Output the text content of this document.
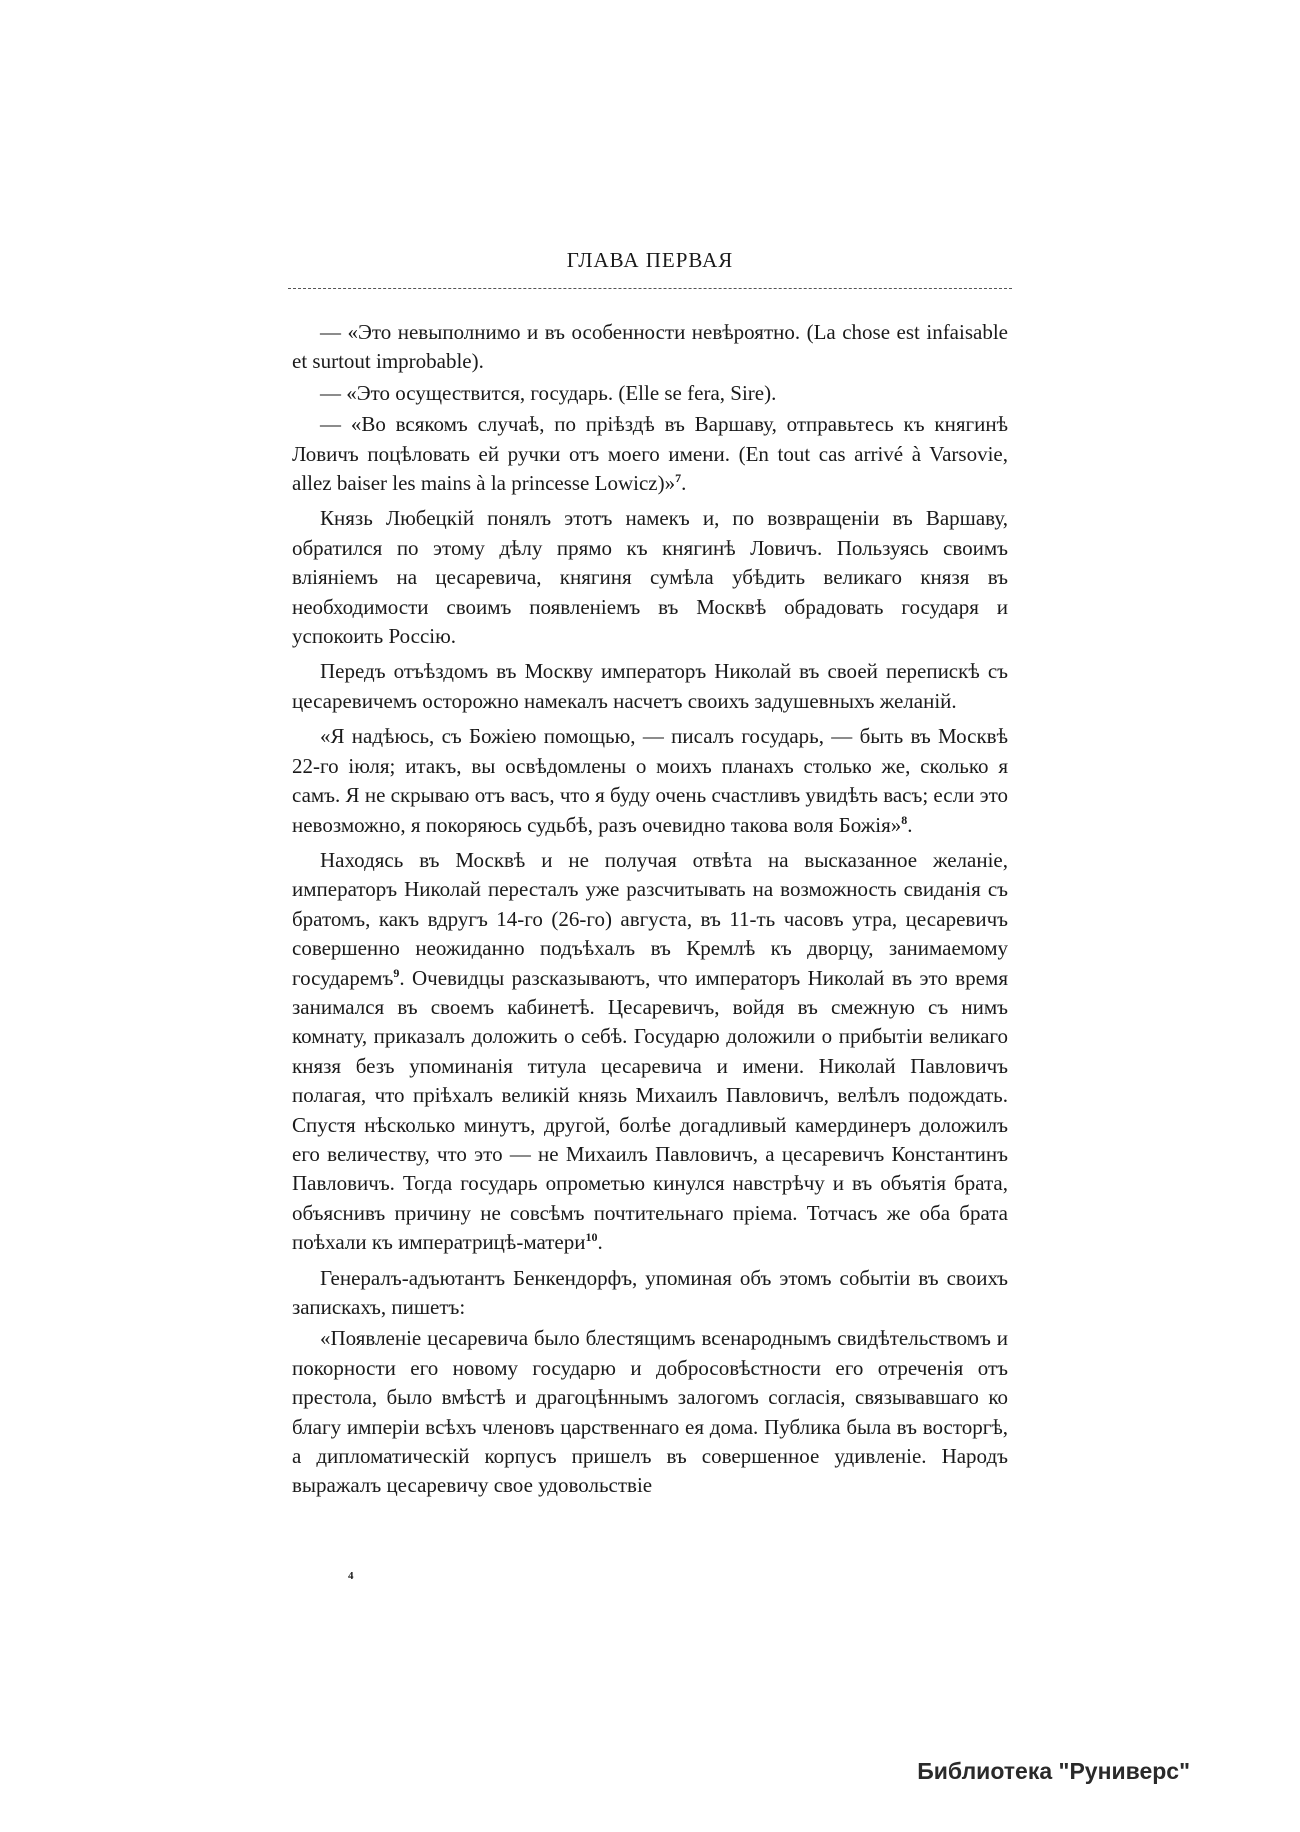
ГЛАВА ПЕРВАЯ

— «Это невыполнимо и въ особенности невѣроятно. (La chose est infaisable et surtout improbable).

— «Это осуществится, государь. (Elle se fera, Sire).

— «Во всякомъ случаѣ, по пріѣздѣ въ Варшаву, отправьтесь къ княгинѣ Ловичъ поцѣловать ей ручки отъ моего имени. (En tout cas arrivé à Varsovie, allez baiser les mains à la princesse Lowicz)»$^7$.

Князь Любецкій понялъ этотъ намекъ и, по возвращеніи въ Варшаву, обратился по этому дѣлу прямо къ княгинѣ Ловичъ. Пользуясь своимъ вліяніемъ на цесаревича, княгиня сумѣла убѣдить великаго князя въ необходимости своимъ появленіемъ въ Москвѣ обрадовать государя и успокоить Россію.

Передъ отъѣздомъ въ Москву императоръ Николай въ своей перепискѣ съ цесаревичемъ осторожно намекалъ насчетъ своихъ задушевныхъ желаній.

«Я надѣюсь, съ Божіею помощью, — писалъ государь, — быть въ Москвѣ 22-го іюля; итакъ, вы освѣдомлены о моихъ планахъ столько же, сколько я самъ. Я не скрываю отъ васъ, что я буду очень счастливъ увидѣть васъ; если это невозможно, я покоряюсь судьбѣ, разъ очевидно такова воля Божія»$^8$.

Находясь въ Москвѣ и не получая отвѣта на высказанное желаніе, императоръ Николай пересталъ уже разсчитывать на возможность свиданія съ братомъ, какъ вдругъ 14-го (26-го) августа, въ 11-ть часовъ утра, цесаревичъ совершенно неожиданно подъѣхалъ въ Кремлѣ къ дворцу, занимаемому государемъ$^9$. Очевидцы разсказываютъ, что императоръ Николай въ это время занимался въ своемъ кабинетѣ. Цесаревичъ, войдя въ смежную съ нимъ комнату, приказалъ доложить о себѣ. Государю доложили о прибытіи великаго князя безъ упоминанія титула цесаревича и имени. Николай Павловичъ полагая, что пріѣхалъ великій князь Михаилъ Павловичъ, велѣлъ подождать. Спустя нѣсколько минутъ, другой, болѣе догадливый камердинеръ доложилъ его величеству, что это — не Михаилъ Павловичъ, а цесаревичъ Константинъ Павловичъ. Тогда государь опрометью кинулся навстрѣчу и въ объятія брата, объяснивъ причину не совсѣмъ почтительнаго пріема. Тотчасъ же оба брата поѣхали къ императрицѣ-матери$^{10}$.

Генералъ-адъютантъ Бенкендорфъ, упоминая объ этомъ событіи въ своихъ запискахъ, пишетъ:

«Появленіе цесаревича было блестящимъ всенароднымъ свидѣтельствомъ и покорности его новому государю и добросовѣстности его отреченія отъ престола, было вмѣстѣ и драгоцѣннымъ залогомъ согласія, связывавшаго ко благу имперіи всѣхъ членовъ царственнаго ея дома. Публика была въ восторгѣ, а дипломатическій корпусъ пришелъ въ совершенное удивленіе. Народъ выражалъ цесаревичу свое удовольствіе

4
Библиотека "Руниверс"
